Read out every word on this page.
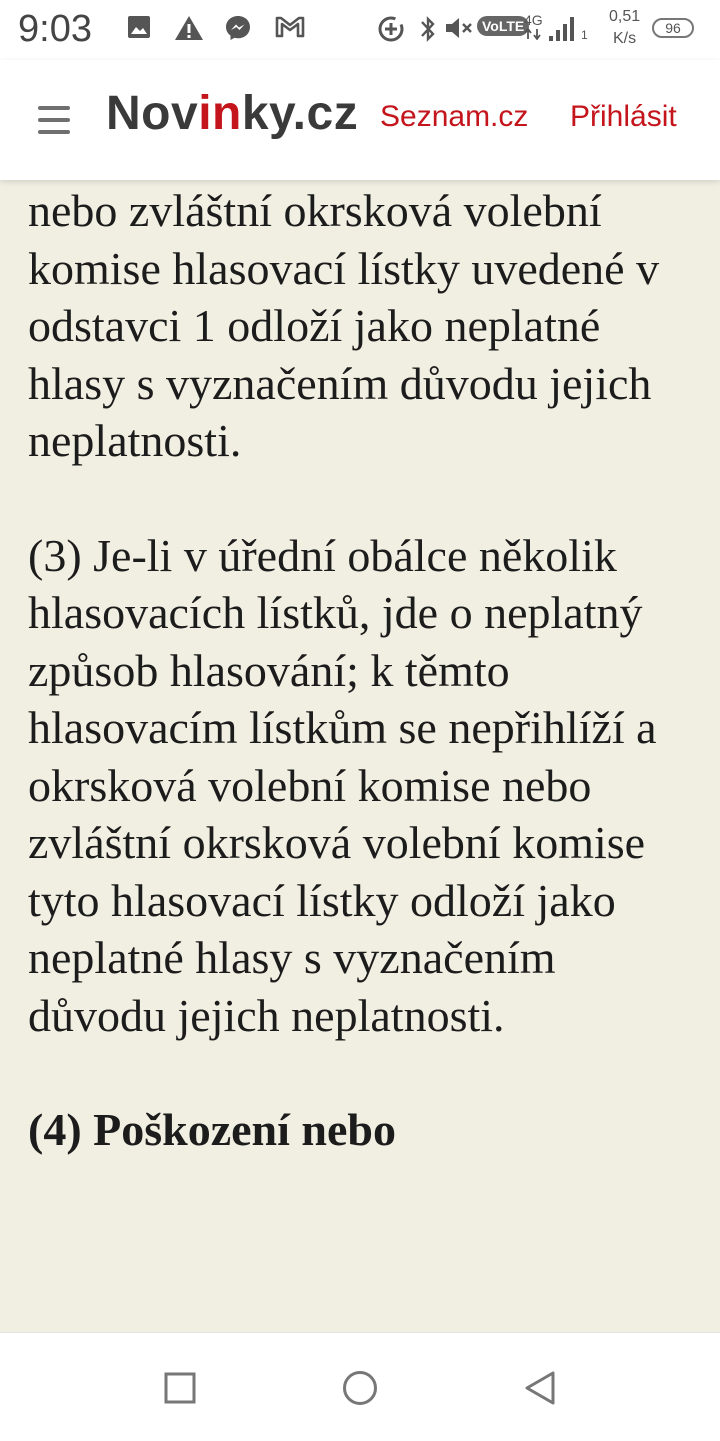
9:03	VoLTE 4G
1
0,51
K/s
96
Novinky.cz Seznam.cz Přihlásit

nebo zvláštní okrsková volební komise hlasovací lístky uvedené v odstavci 1 odloží jako neplatné hlasy s vyznačením důvodu jejich neplatnosti.

(3) Je-li v úřední obálce několik hlasovacích lístků, jde o neplatný způsob hlasování; k těmto hlasovacím lístkům se nepřihlíží a okrsková volební komise nebo zvláštní okrsková volební komise tyto hlasovací lístky odloží jako neplatné hlasy s vyznačením důvodu jejich neplatnosti.

(4) Poškození nebo
